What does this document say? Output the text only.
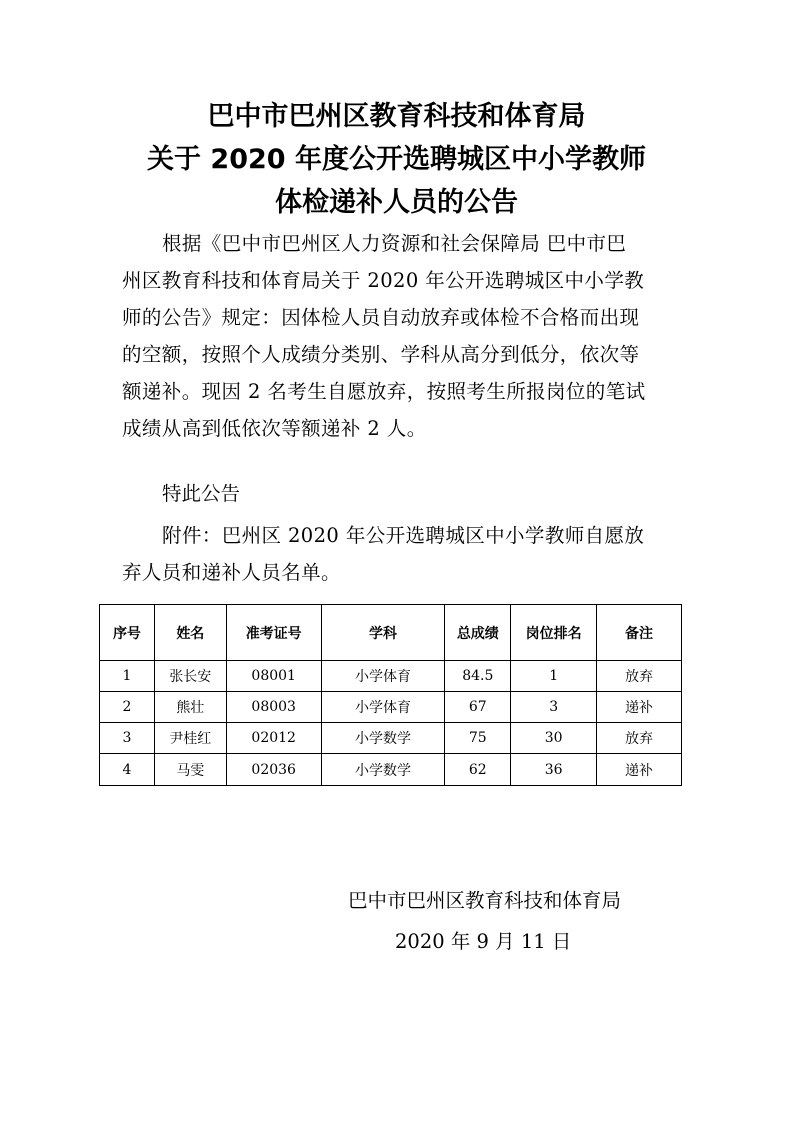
巴中市巴州区教育科技和体育局
关于 2020 年度公开选聘城区中小学教师
体检递补人员的公告
根据《巴中市巴州区人力资源和社会保障局 巴中市巴
州区教育科技和体育局关于 2020 年公开选聘城区中小学教
师的公告》规定：因体检人员自动放弃或体检不合格而出现
的空额，按照个人成绩分类别、学科从高分到低分，依次等
额递补。现因 2 名考生自愿放弃，按照考生所报岗位的笔试
成绩从高到低依次等额递补 2 人。
特此公告
附件：巴州区 2020 年公开选聘城区中小学教师自愿放
弃人员和递补人员名单。
序号	姓名	准考证号	学科	总成绩	岗位排名	备注
1	张长安	08001	小学体育	84.5	1	放弃
2	熊壮	08003	小学体育	67	3	递补
3	尹桂红	02012	小学数学	75	30	放弃
4	马雯	02036	小学数学	62	36	递补
巴中市巴州区教育科技和体育局
2020 年 9 月 11 日
